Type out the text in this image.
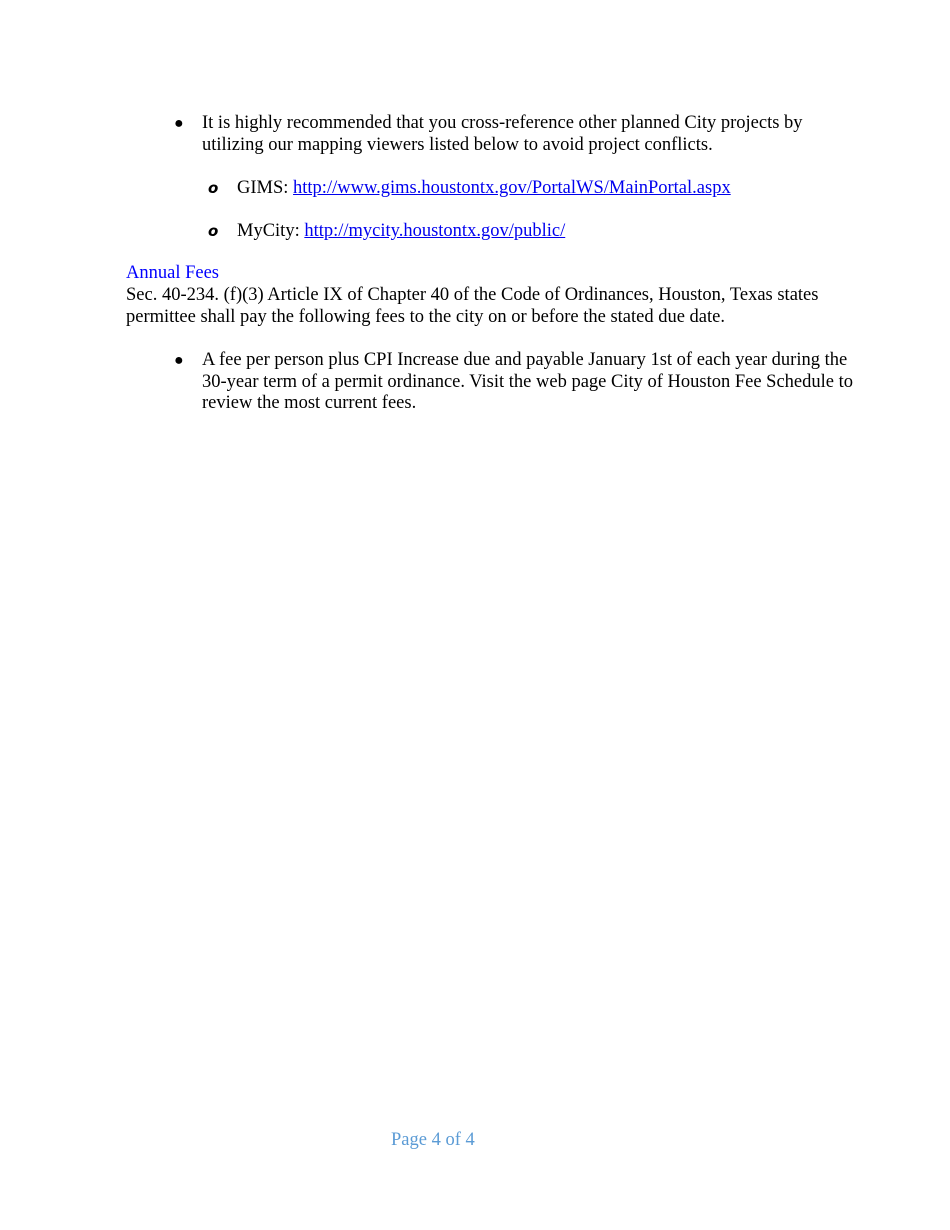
● It is highly recommended that you cross-reference other planned City projects by utilizing our mapping viewers listed below to avoid project conflicts.
o GIMS: http://www.gims.houstontx.gov/PortalWS/MainPortal.aspx
o MyCity: http://mycity.houstontx.gov/public/
Annual Fees
Sec. 40-234. (f)(3) Article IX of Chapter 40 of the Code of Ordinances, Houston, Texas states permittee shall pay the following fees to the city on or before the stated due date.
● A fee per person plus CPI Increase due and payable January 1st of each year during the 30-year term of a permit ordinance. Visit the web page City of Houston Fee Schedule to review the most current fees.
Page 4 of 4
